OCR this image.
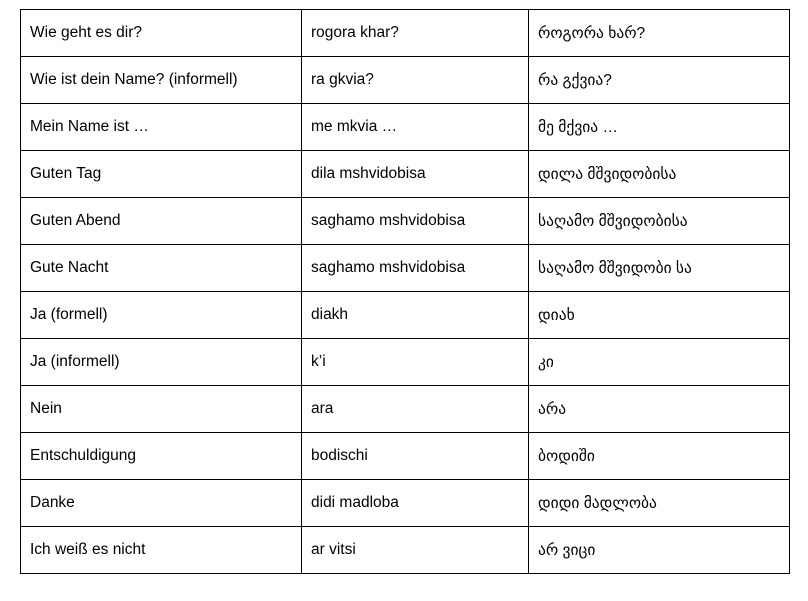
Wie geht es dir?	rogora khar?	როგორა ხარ?
Wie ist dein Name? (informell)	ra gkvia?	რა გქვია?
Mein Name ist …	me mkvia …	მე მქვია …
Guten Tag	dila mshvidobisa	დილა მშვიდობისა
Guten Abend	saghamo mshvidobisa	საღამო მშვიდობისა
Gute Nacht	saghamo mshvidobisa	საღამო მშვიდობი სა
Ja (formell)	diakh	დიახ
Ja (informell)	k’i	კი
Nein	ara	არა
Entschuldigung	bodischi	ბოდიში
Danke	didi madloba	დიდი მადლობა
Ich weiß es nicht	ar vitsi	არ ვიცი
